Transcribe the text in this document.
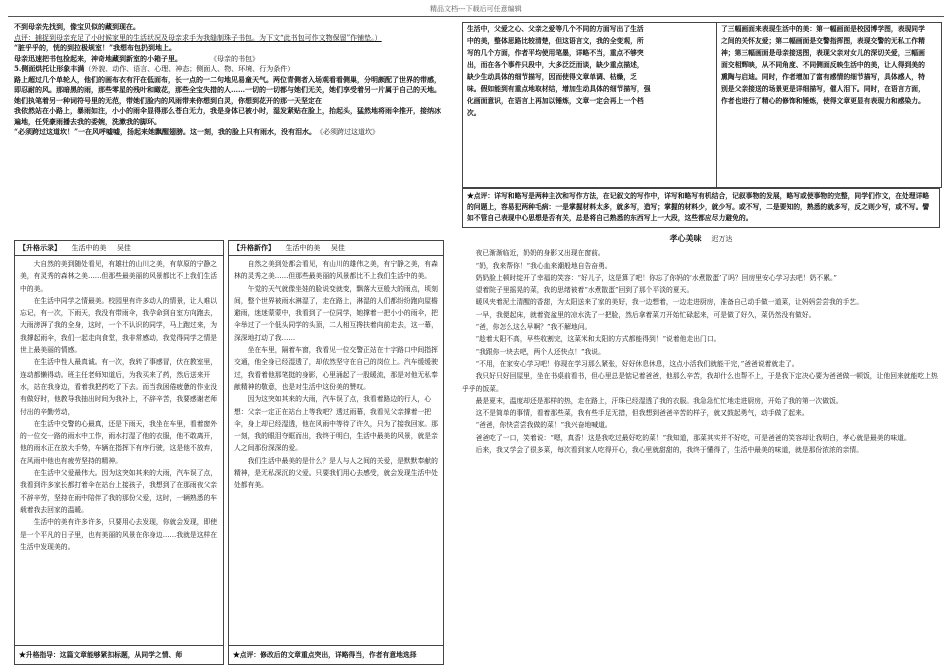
精品文档---下载后可任意编辑

不到母亲先找到，像宝贝似的藏到现在。

点评：捕捉到母亲充足了小时候家里的生活状况及母亲求手为我缝制珠子书包。为下文“此书包可作文物保留”作铺垫。）

“脏乎乎的，恍的到拉极规室！”我想布包扔到地上。

母亲迅速把书包捡起来，神奇地藏到新室的小箱子里。　　　　　	《母亲的书包》

5.侧面烘托让形象丰满（外貌、动作、语言、心理、神态；侧面人、物、环境、行为条件）

路上超过几个单轮人，他们的画布衣有汗在低面布，长一点的一二句地见易童天气。两位青侧者入场观看看侧巢，分明颇配了世界的带感，即忍耐的风。那暗黑的雨，那些零星的残叶和瞰花，那些全宝失措的人……一切的一切都与她们无关，她们享受着另一片属于自己的天地。她们执笔着另一种词符号里的无范，带她们脸内的风雨带来你想到白灵，你想到花开的那一天坚定在

我依然站在小路上，暴雨如注，小小的雨伞显得那么苍白无力，我是身体已被小时，湿发紧贴在脸上，抬起头，猛然地将雨伞推开，接纳冰遍地，任凭豪雨播去我的委婉，洗漱我的脚环。

“必须跨过这道坎！”一在风呼嘘嘘，扬起来她飘醒翅膀。这一刻，我的脸上只有雨水，没有泪水。　 《必须跨过这道坎》

生活中，父爱之心、父亲之爱等几个不同的方面写出了生活

中的美，整体思路比较清楚，但这语言文，我的全变观，所

写的几个方面，作者平均使用笔墨，详略不当，重点不够突

出，而在各个事件只段中，大多泛泛而谈，缺少重点描述，

缺少生动具体的细节描写，因而使得文章单调、枯燥，乏

味。假如能到有重点地取材结，增加生动具体的细节描写，强

化画面意识，在语言上再加以锤炼，文章一定会再上一个档

次。

了三幅画面来表现生活中的美：第一幅画面是校园博学图，表现同学

之间的关怀友爱；第二幅画面是交警指挥图，表现交警的无私工作精

神；第三幅画面是母亲接送图，表现父亲对女儿的深切关爱，三幅画

面交相辉映，从不同角度、不同侧面反映生活中的美，让人得到美的

熏陶与启迪。同时，作者增加了富有感情的细节描写，具体感人，特

别是父亲接送的场景更是详细描写，催人泪下。同时，在语言方面，

作者也进行了精心的修饰和锤炼，使得文章更显有表现力和感染力。

★点评：详写和略写是两种主次和写作方法，在记叙文的写作中，详写和略写有机结合，记叙事物的发展，略写或使事物的完整，同学们作文，在处理详略的问题上，容易犯两种毛病：一是掌握材料太多，就多写，造写；掌握的材料少，就少写。或不写，二是要知的，熟悉的就多写，反之则少写，或不写。譬如不管自己表现中心思想是否有关，总是将自己熟悉的东西写上一大段，这些都应尽力避免的。
【升格示录】 生活中的美 吴佳

大自然的美到随处看见，有雄壮的山川之美，有草原的宁静之美，有灵秀的森林之美……但那些最美丽的风景都比不上我们生活中的美。

在生活中同学之情最美。校园里有许多动人的情景，让人难以忘记，有一次，下雨天，我没有带雨伞，我孕命到自室方向跑去，大雨滂湃了我的全身，这时，一个不认识的同学，马上跑过来，为我撑起雨伞，我们一起走向食堂，我非常感动，我觉得同学之情是世上最美丽的情感。

在生活中性人最真诚。有一次，我转了事感冒，伏在教室里，连动都懒得动。班主任老师知道后，为我买来了药，然后送来开水，站在我身边，看着我把药吃了下去。而当我困倦疲惫的作业没有做好时，他教导我抽出时间为我补上，不辞辛苦，我要感谢老师付出的辛勤劳动，

在生活中交警的心最真，还是下雨天，我坐在车里，看着窗外的一位交一路的雨水中工作，雨水打湿了他的衣服，他不敢离开，他的雨水正在放大手势，车辆在指挥下有序行驶，这是他不放弃，在风雨中他也有疲劳坚持的精神。

在生活中父爱最伟大。因为这突如其来的大雨，汽车误了点，我看到许多家长都打着伞在站台上接孩子，我想到了在那雨夜父亲不辞辛劳，坚持在雨中陪伴了我的那份父爱，这时，一辆熟悉的车载着我去回家的温暖。

生活中的美有许多许多，只要用心去发现，你就会发现，即使是一个平凡的日子里，也有美丽的风景在你身边……我就是这样在生活中发现美的。

★升格指导：这篇文章能够紧扣标题，从同学之情、师
【升格新作】 生活中的美 吴佳

自然之美到处都会看见，有山川的雄伟之美，有宁静之美，有森林的灵秀之美……但那些最美丽的风景都比不上我们生活中的美。

午觉的天气就像坐娃的脸说变就变，飘落大豆般大的雨点，顷刻间，整个世界被雨水淋湿了，走在路上，淋湿的人们都纷纷跑向屋檐避雨，迷迷蒙蒙中，我看到了一位同学，她撑着一把小小的雨伞，把伞举过了一个低头同学的头顶，二人相互搀扶着向前走去，这一幕，深深地打动了我……

坐在车里，隔着车窗，我看见一位交警正站在十字路口中间指挥交通，他全身已经湿透了，却依然坚守在自己的岗位上。汽车缓缓驶过，我看着他那笔挺的身影，心里涌起了一股暖流，那是对他无私奉献精神的敬意，也是对生活中这份美的赞叹。

因为这突如其来的大雨，汽车误了点，我看着路边的行人，心想：父亲一定正在站台上等我吧？透过雨幕，我看见父亲撑着一把伞，身上却已经湿透，他在风雨中等待了许久，只为了接我回家。那一刻，我的眼泪夺眶而出，我终于明白，生活中最美的风景，就是亲人之间那份深深的爱。

我们生活中最美的是什么？是人与人之间的关爱，是默默奉献的精神，是无私深沉的父爱。只要我们用心去感受，就会发现生活中处处都有美。

★点评：修改后的文章重点突出，详略得当，作者有意地选择
孝心美味 迟万达

夜已渐渐临近，奶奶的身影又出现在窗前。

“奶，我来帮你！”我心血来潮般地自告奋勇。

奶奶脸上顿时绽开了幸福的笑容：“好儿子，这是算了吧！你忘了你妈的‘水煮散蛋’了吗？回房里安心学习去吧！奶不累。”

望着院子里摇晃的菜，我的思绪被着“水煮散蛋”回到了那个平淡的夏天。

暖风夹着泥土清醒的香甜，为太阳送来了家的美好，我一边想着，一边走进厨房，准备自己动手做一道菜，让妈妈尝尝我的手艺。

一早，我便起床，就着瓷盆里的凉水洗了一把脸，然后拿着菜刀开始忙碌起来，可是做了好久，菜仍然没有做好。

“爸，你怎么这么早啊？”我不解地问。

“趁着太阳不高，早些收割完，这菜米和太阳的方式都能得到！”说着他走出门口。

“我跟你一块去吧，两个人还快点！”我说。

“不用，在家安心学习吧！你现在学习那么紧张，好好休息休息，这点小活我们就能干完，”爸爸说着就走了。

我只好只好回屋里，坐在书桌前看书，但心里总是惦记着爸爸，他那么辛苦，我却什么也帮不上，于是我下定决心要为爸爸做一顿饭，让他回来就能吃上热乎乎的饭菜。

最是夏末，温度却还是那样的热，走在路上，汗珠已经湿透了我的衣服。我急急忙忙地走进厨房，开始了我的第一次做饭。

这不是简单的事情，看着那些菜，我有些手足无措，但我想到爸爸辛苦的样子，就又鼓起勇气，动手做了起来。

“爸爸，你快尝尝我做的菜！”我兴奋地喊道。

爸爸吃了一口，笑着说：“嗯，真香！这是我吃过最好吃的菜！”我知道，那菜其实并不好吃，可是爸爸的笑容却让我明白，孝心就是最美的味道。

后来，我又学会了很多菜，每次看到家人吃得开心，我心里就甜甜的，我终于懂得了，生活中最美的味道，就是那份浓浓的亲情。
